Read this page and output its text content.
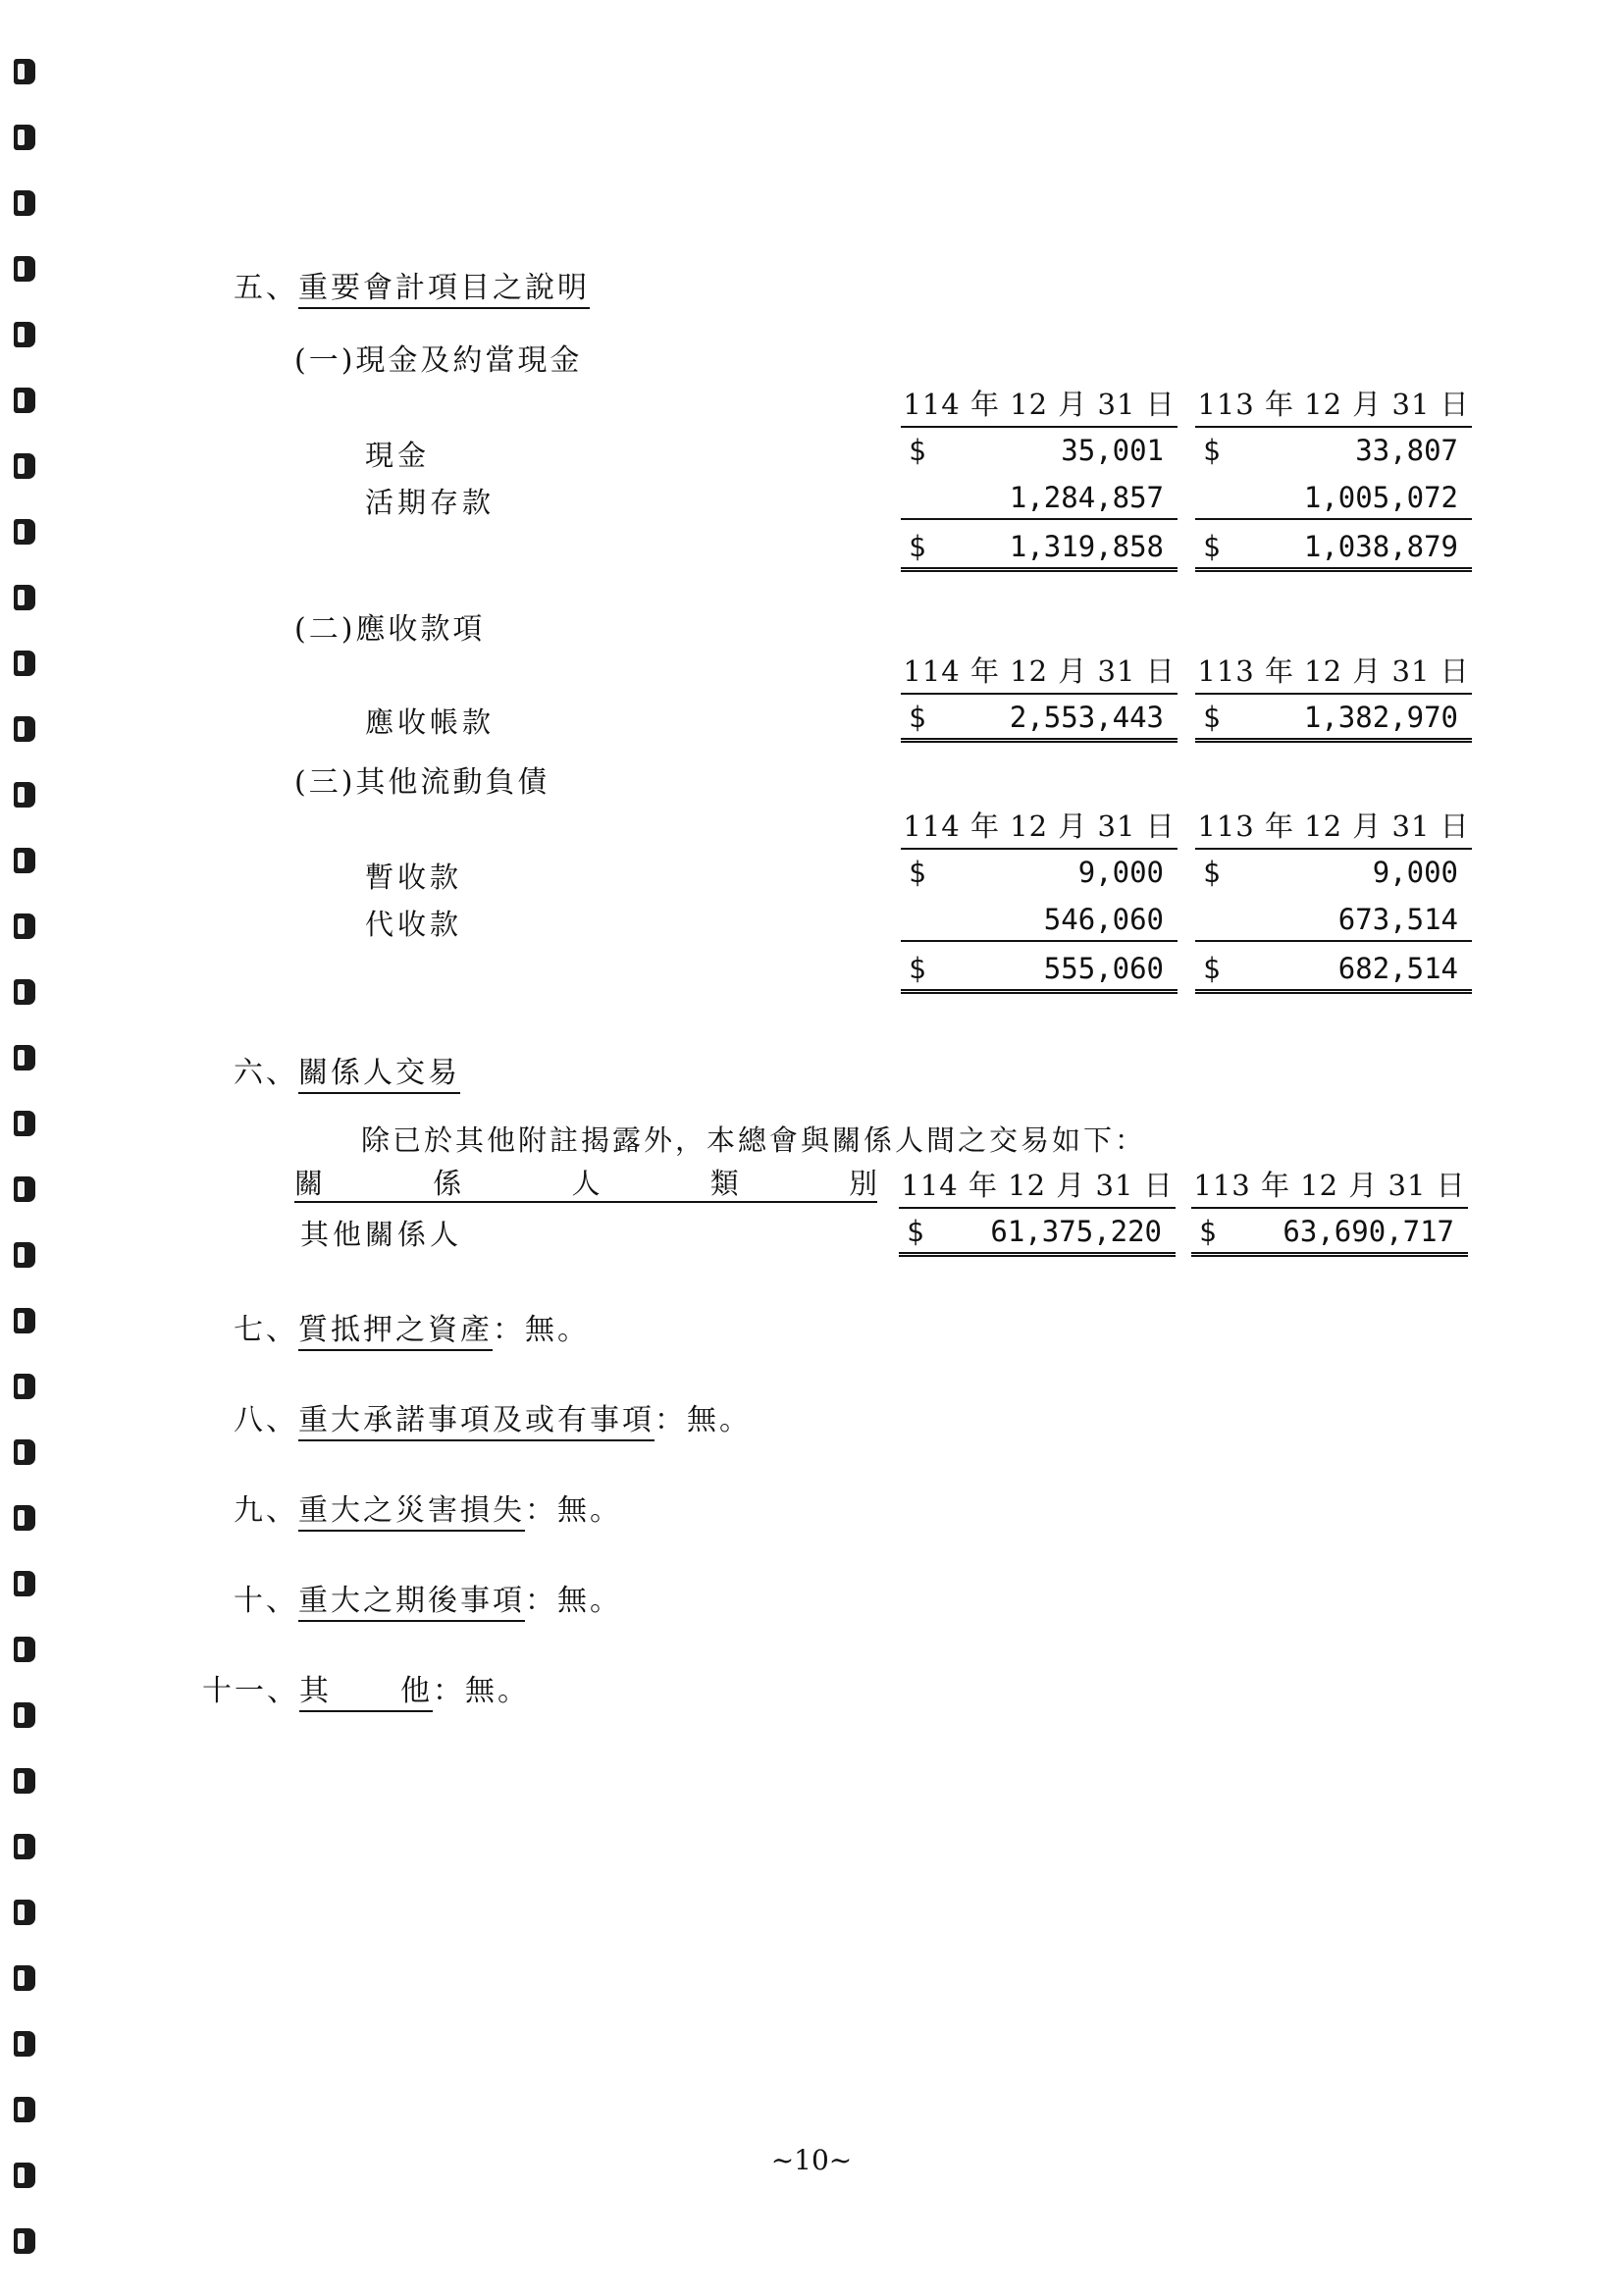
五、重要會計項目之說明
(一)現金及約當現金
114 年 12 月 31 日 113 年 12 月 31 日
現金	$	35,001 $	33,807
活期存款	1,284,857	1,005,072
$	1,319,858 $	1,038,879
(二)應收款項
114 年 12 月 31 日 113 年 12 月 31 日
應收帳款	$	2,553,443 $	1,382,970
(三)其他流動負債
114 年 12 月 31 日 113 年 12 月 31 日
暫收款	$	9,000 $	9,000
代收款	546,060	673,514
$	555,060 $	682,514
六、關係人交易
除已於其他附註揭露外，本總會與關係人間之交易如下：
關	係	人	類	別 114 年 12 月 31 日 113 年 12 月 31 日
其他關係人	$ 61,375,220 $ 63,690,717
七、質抵押之資產：無。
八、重大承諾事項及或有事項：無。
九、重大之災害損失：無。
十、重大之期後事項：無。
十一、其 他：無。
~10~
